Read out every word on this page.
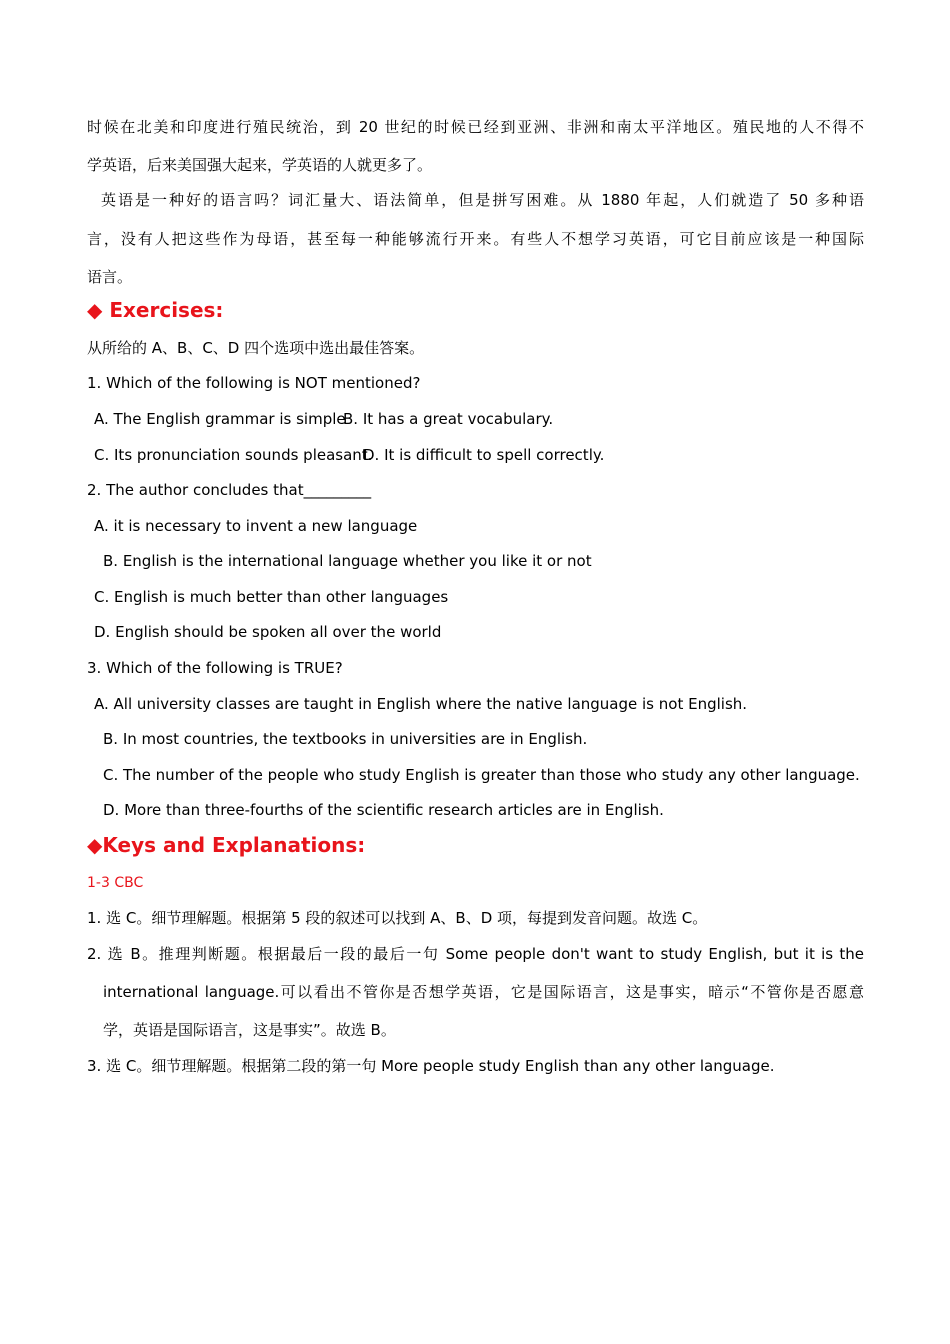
时候在北美和印度进行殖民统治，到 20 世纪的时候已经到亚洲、非洲和南太平洋地区。殖民地的人不得不
学英语，后来美国强大起来，学英语的人就更多了。
英语是一种好的语言吗？词汇量大、语法简单，但是拼写困难。从 1880 年起，人们就造了 50 多种语
言，没有人把这些作为母语，甚至每一种能够流行开来。有些人不想学习英语，可它目前应该是一种国际
语言。
◆ Exercises:
从所给的 A、B、C、D 四个选项中选出最佳答案。
1. Which of the following is NOT mentioned?
A. The English grammar is simple
B. It has a great vocabulary.
C. Its pronunciation sounds pleasant.
D. It is difficult to spell correctly.
2. The author concludes that_________
A. it is necessary to invent a new language
B. English is the international language whether you like it or not
C. English is much better than other languages
D. English should be spoken all over the world
3. Which of the following is TRUE?
A. All university classes are taught in English where the native language is not English.
B. In most countries, the textbooks in universities are in English.
C. The number of the people who study English is greater than those who study any other language.
D. More than three-fourths of the scientific research articles are in English.
◆Keys and Explanations:
1-3 CBC
1. 选 C。细节理解题。根据第 5 段的叙述可以找到 A、B、D 项，每提到发音问题。故选 C。
2. 选 B。推理判断题。根据最后一段的最后一句 Some people don't want to study English, but it is the
international language.可以看出不管你是否想学英语，它是国际语言，这是事实，暗示“不管你是否愿意
学，英语是国际语言，这是事实”。故选 B。
3. 选 C。细节理解题。根据第二段的第一句 More people study English than any other language.
